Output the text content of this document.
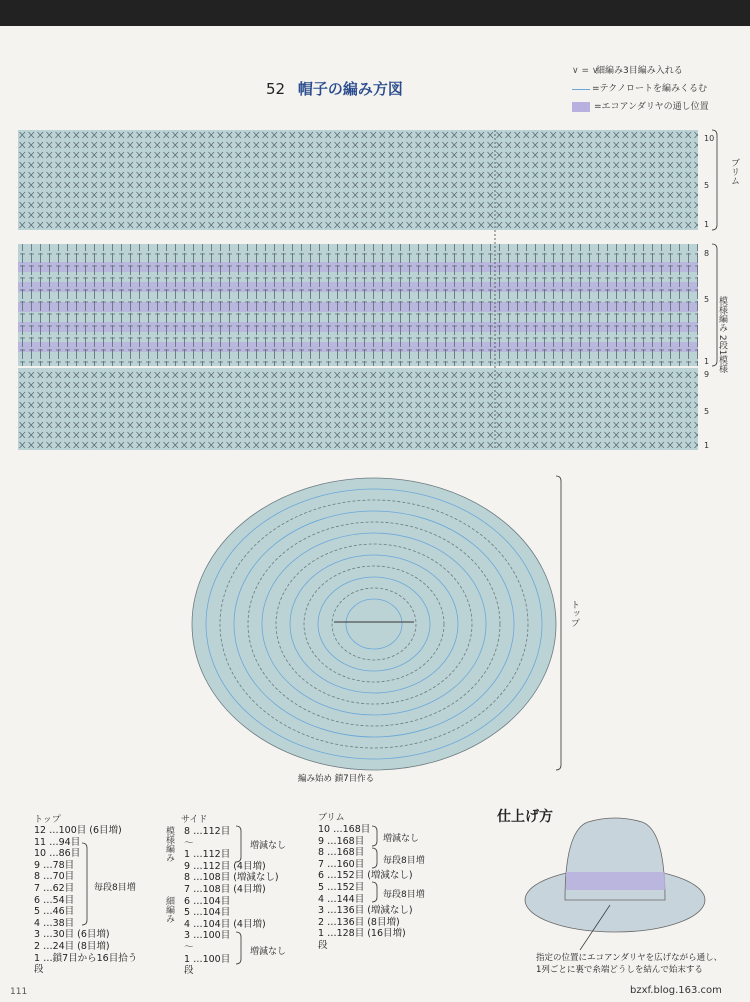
52 帽子の編み方図
∨ = ∨
細編み3目編み入れる
=テクノロートを編みくるむ
=エコアンダリヤの通し位置
ブリム
模様編み 2段1模様
トップ
10
5
1
8
5
1
9
5
1
編み始め 鎖7目作る
トップ
12 …100目 (6目増)
11 …94目
10 …86目
9 …78目
8 …70目
7 …62目
6 …54目
5 …46目
4 …38目
3 …30目 (6目増)
2 …24目 (8目増)
1 …鎖7目から16目拾う
段
毎段8目増
サイド
模様編み
細編み
8 …112目
〜
1 …112目
9 …112目 (4目増)
8 …108目 (増減なし)
7 …108目 (4目増)
6 …104目
5 …104目
4 …104目 (4目増)
3 …100目
〜
1 …100目
段
増減なし
増減なし
ブリム
10 …168目
9 …168目
8 …168目
7 …160目
6 …152目 (増減なし)
5 …152目
4 …144目
3 …136目 (増減なし)
2 …136目 (8目増)
1 …128目 (16目増)
段
増減なし
毎段8目増
毎段8目増
仕上げ方
指定の位置にエコアンダリヤを広げながら通し、
1列ごとに裏で糸端どうしを結んで始末する
111	bzxf.blog.163.com
